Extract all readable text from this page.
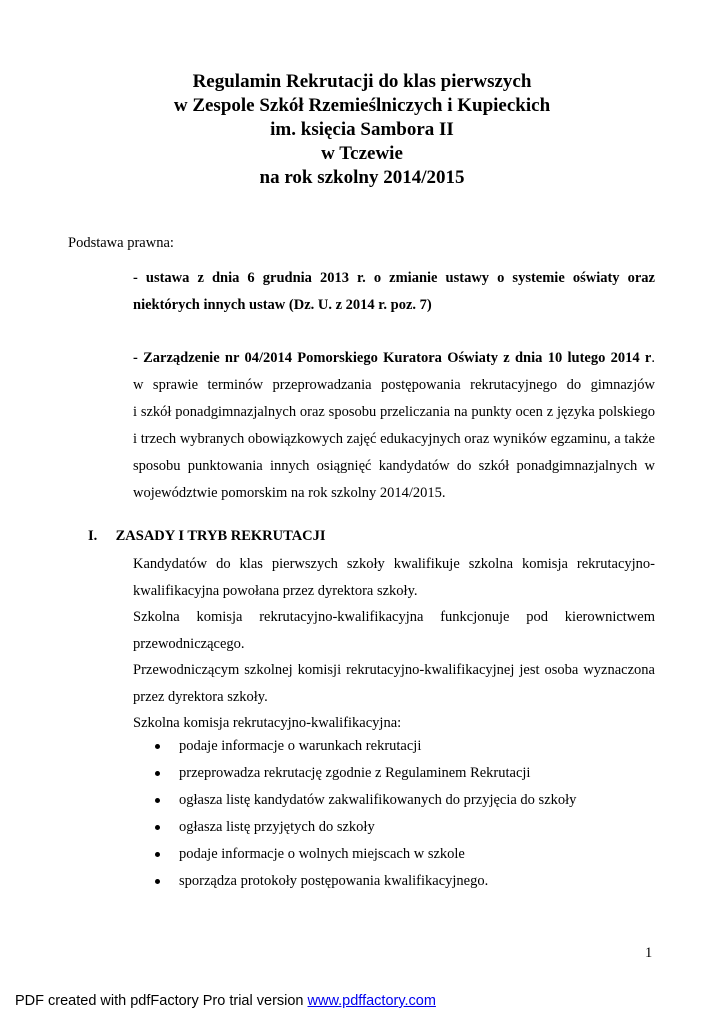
Regulamin Rekrutacji do klas pierwszych
w Zespole Szkół Rzemieślniczych i Kupieckich
im. księcia Sambora II
w Tczewie
na rok szkolny 2014/2015
Podstawa prawna:
- ustawa z dnia 6 grudnia 2013 r. o zmianie ustawy o systemie oświaty oraz
niektórych innych ustaw (Dz. U. z 2014 r. poz. 7)
- Zarządzenie nr 04/2014 Pomorskiego Kuratora Oświaty z dnia 10 lutego 2014 r.
w sprawie terminów przeprowadzania postępowania rekrutacyjnego do gimnazjów
i szkół ponadgimnazjalnych oraz sposobu przeliczania na punkty ocen z języka polskiego
i trzech wybranych obowiązkowych zajęć edukacyjnych oraz wyników egzaminu, a także
sposobu punktowania innych osiągnięć kandydatów do szkół ponadgimnazjalnych w
województwie pomorskim na rok szkolny 2014/2015.
I. ZASADY I TRYB REKRUTACJI
Kandydatów do klas pierwszych szkoły kwalifikuje szkolna komisja rekrutacyjno-
kwalifikacyjna powołana przez dyrektora szkoły.
Szkolna komisja rekrutacyjno-kwalifikacyjna funkcjonuje pod kierownictwem
przewodniczącego.
Przewodniczącym szkolnej komisji rekrutacyjno-kwalifikacyjnej jest osoba wyznaczona
przez dyrektora szkoły.
Szkolna komisja rekrutacyjno-kwalifikacyjna:
podaje informacje o warunkach rekrutacji
przeprowadza rekrutację zgodnie z Regulaminem Rekrutacji
ogłasza listę kandydatów zakwalifikowanych do przyjęcia do szkoły
ogłasza listę przyjętych do szkoły
podaje informacje o wolnych miejscach w szkole
sporządza protokoły postępowania kwalifikacyjnego.
1
PDF created with pdfFactory Pro trial version www.pdffactory.com
